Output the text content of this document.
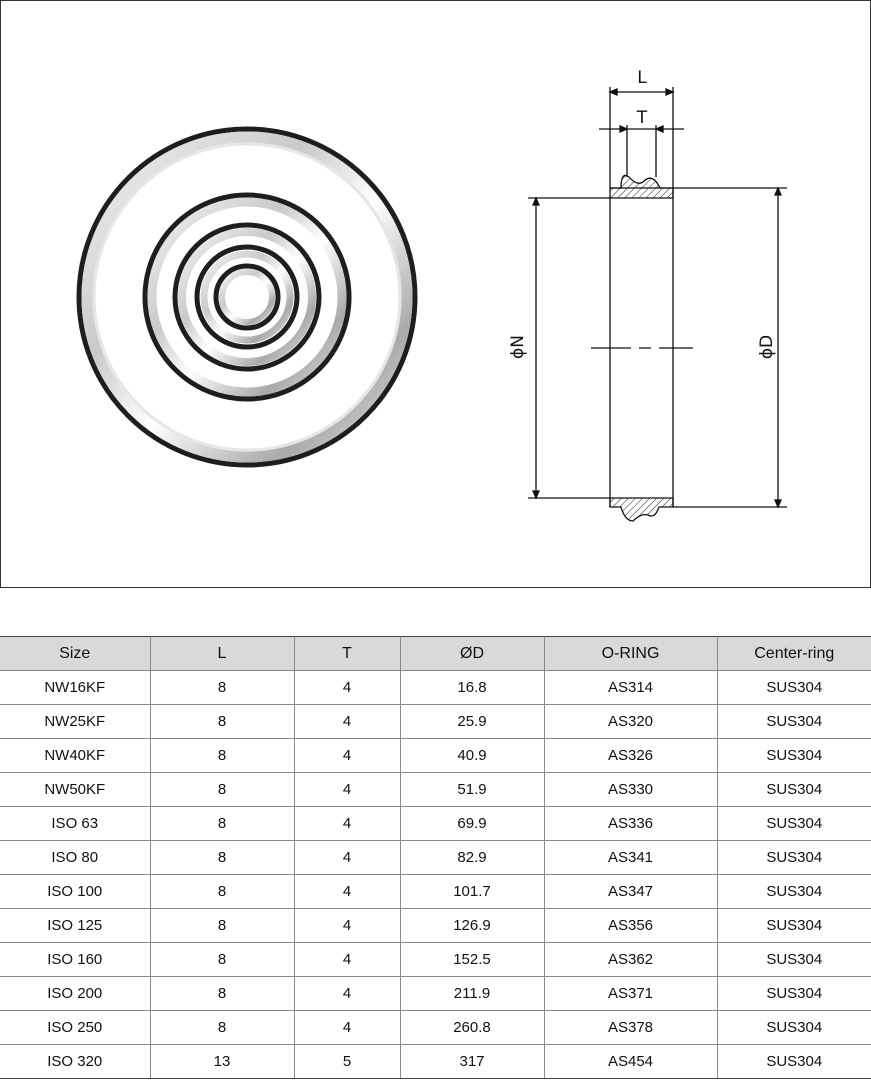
L
T
ϕN	ϕD
Size	L	T	ØD	O-RING	Center-ring
NW16KF	8	4	16.8	AS314	SUS304
NW25KF	8	4	25.9	AS320	SUS304
NW40KF	8	4	40.9	AS326	SUS304
NW50KF	8	4	51.9	AS330	SUS304
ISO 63	8	4	69.9	AS336	SUS304
ISO 80	8	4	82.9	AS341	SUS304
ISO 100	8	4	101.7	AS347	SUS304
ISO 125	8	4	126.9	AS356	SUS304
ISO 160	8	4	152.5	AS362	SUS304
ISO 200	8	4	211.9	AS371	SUS304
ISO 250	8	4	260.8	AS378	SUS304
ISO 320	13	5	317	AS454	SUS304
